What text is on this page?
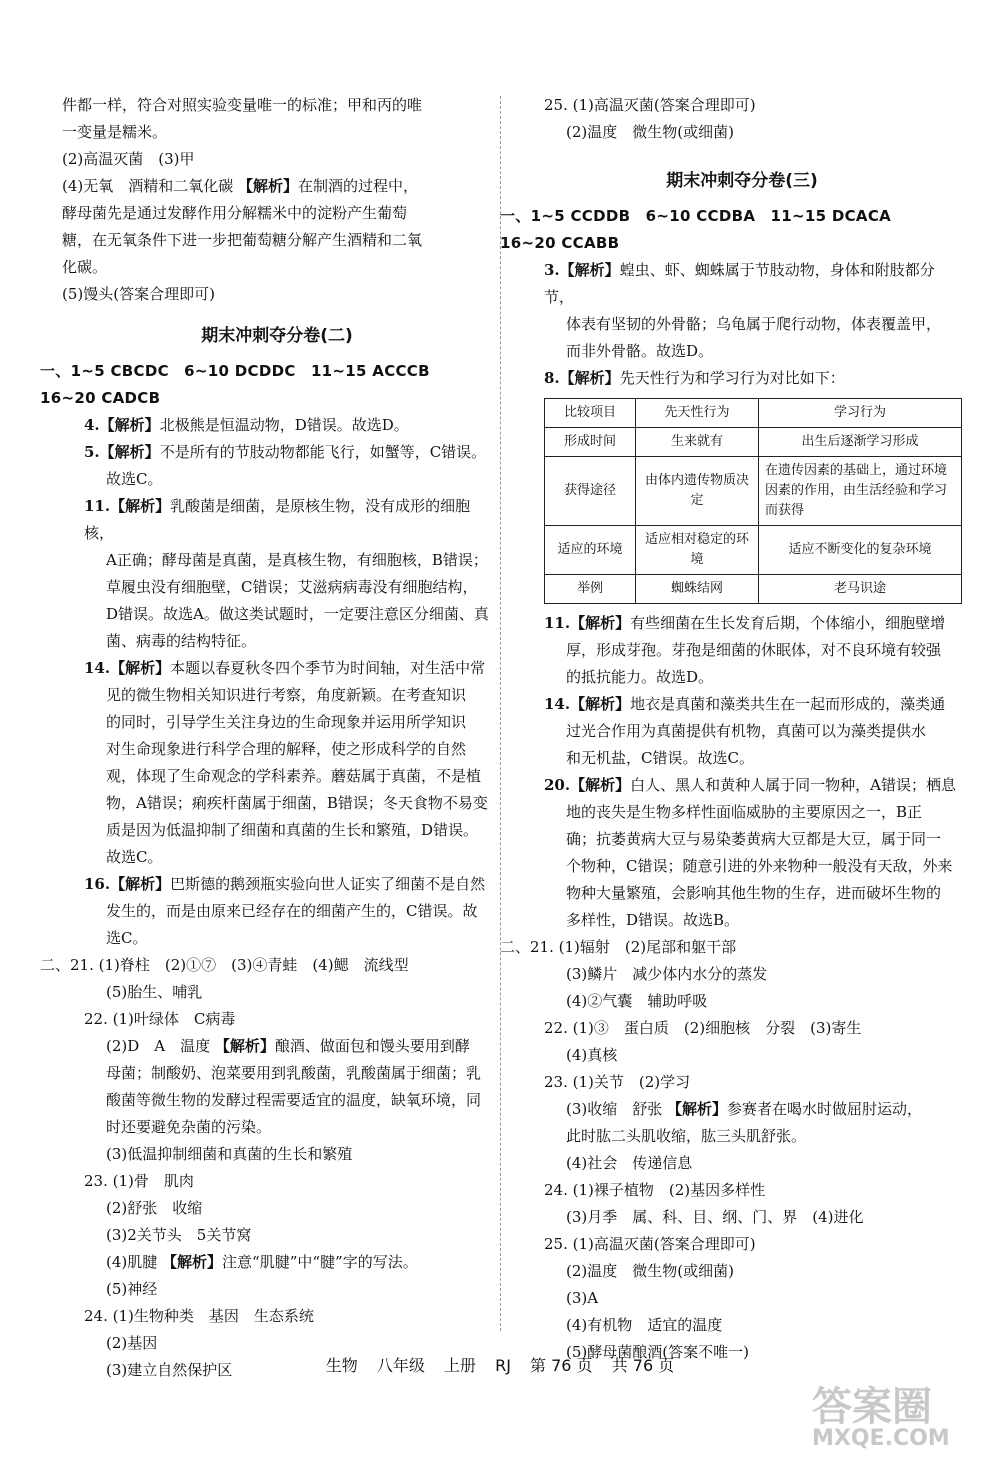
件都一样，符合对照实验变量唯一的标准；甲和丙的唯

一变量是糯米。

(2)高温灭菌　(3)甲

(4)无氧　酒精和二氧化碳 【解析】在制酒的过程中，

酵母菌先是通过发酵作用分解糯米中的淀粉产生葡萄

糖，在无氧条件下进一步把葡萄糖分解产生酒精和二氧

化碳。

(5)馒头(答案合理即可)

期末冲刺夺分卷(二)

一、1~5 CBCDC　6~10 DCDDC　11~15 ACCCB　16~20 CADCB

4.【解析】北极熊是恒温动物，D错误。故选D。

5.【解析】不是所有的节肢动物都能飞行，如蟹等，C错误。

故选C。

11.【解析】乳酸菌是细菌，是原核生物，没有成形的细胞核，

A正确；酵母菌是真菌，是真核生物，有细胞核，B错误；

草履虫没有细胞壁，C错误；艾滋病病毒没有细胞结构，

D错误。故选A。做这类试题时，一定要注意区分细菌、真

菌、病毒的结构特征。

14.【解析】本题以春夏秋冬四个季节为时间轴，对生活中常

见的微生物相关知识进行考察，角度新颖。在考查知识

的同时，引导学生关注身边的生命现象并运用所学知识

对生命现象进行科学合理的解释，使之形成科学的自然

观，体现了生命观念的学科素养。蘑菇属于真菌，不是植

物，A错误；痢疾杆菌属于细菌，B错误；冬天食物不易变

质是因为低温抑制了细菌和真菌的生长和繁殖，D错误。

故选C。

16.【解析】巴斯德的鹅颈瓶实验向世人证实了细菌不是自然

发生的，而是由原来已经存在的细菌产生的，C错误。故

选C。

二、21. (1)脊柱　(2)①⑦　(3)④青蛙　(4)鳃　流线型

(5)胎生、哺乳

22. (1)叶绿体　C病毒

(2)D　A　温度 【解析】酿酒、做面包和馒头要用到酵

母菌；制酸奶、泡菜要用到乳酸菌，乳酸菌属于细菌；乳

酸菌等微生物的发酵过程需要适宜的温度，缺氧环境，同

时还要避免杂菌的污染。

(3)低温抑制细菌和真菌的生长和繁殖

23. (1)骨　肌肉

(2)舒张　收缩

(3)2关节头　5关节窝

(4)肌腱 【解析】注意“肌腱”中“腱”字的写法。

(5)神经

24. (1)生物种类　基因　生态系统

(2)基因

(3)建立自然保护区

25. (1)高温灭菌(答案合理即可)

(2)温度　微生物(或细菌)

期末冲刺夺分卷(三)

一、1~5 CCDDB　6~10 CCDBA　11~15 DCACA　16~20 CCABB

3.【解析】蝗虫、虾、蜘蛛属于节肢动物，身体和附肢都分节，

体表有坚韧的外骨骼；乌龟属于爬行动物，体表覆盖甲，

而非外骨骼。故选D。

8.【解析】先天性行为和学习行为对比如下：

比较项目	先天性行为	学习行为
形成时间	生来就有	出生后逐渐学习形成
获得途径	由体内遗传物质决定	在遗传因素的基础上，通过环境因素的作用，由生活经验和学习而获得
适应的环境	适应相对稳定的环境	适应不断变化的复杂环境
举例	蜘蛛结网	老马识途

11.【解析】有些细菌在生长发育后期，个体缩小，细胞壁增

厚，形成芽孢。芽孢是细菌的休眠体，对不良环境有较强

的抵抗能力。故选D。

14.【解析】地衣是真菌和藻类共生在一起而形成的，藻类通

过光合作用为真菌提供有机物，真菌可以为藻类提供水

和无机盐，C错误。故选C。

20.【解析】白人、黑人和黄种人属于同一物种，A错误；栖息

地的丧失是生物多样性面临威胁的主要原因之一，B正

确；抗萎黄病大豆与易染萎黄病大豆都是大豆，属于同一

个物种，C错误；随意引进的外来物种一般没有天敌，外来

物种大量繁殖，会影响其他生物的生存，进而破坏生物的

多样性，D错误。故选B。

二、21. (1)辐射　(2)尾部和躯干部

(3)鳞片　减少体内水分的蒸发

(4)②气囊　辅助呼吸

22. (1)③　蛋白质　(2)细胞核　分裂　(3)寄生

(4)真核

23. (1)关节　(2)学习

(3)收缩　舒张 【解析】参赛者在喝水时做屈肘运动，

此时肱二头肌收缩，肱三头肌舒张。

(4)社会　传递信息

24. (1)裸子植物　(2)基因多样性

(3)月季　属、科、目、纲、门、界　(4)进化

25. (1)高温灭菌(答案合理即可)

(2)温度　微生物(或细菌)

(3)A

(4)有机物　适宜的温度

(5)酵母菌酿酒(答案不唯一)

生物 八年级 上册 RJ 第 76 页 共 76 页
答案圈
MXQE.COM
